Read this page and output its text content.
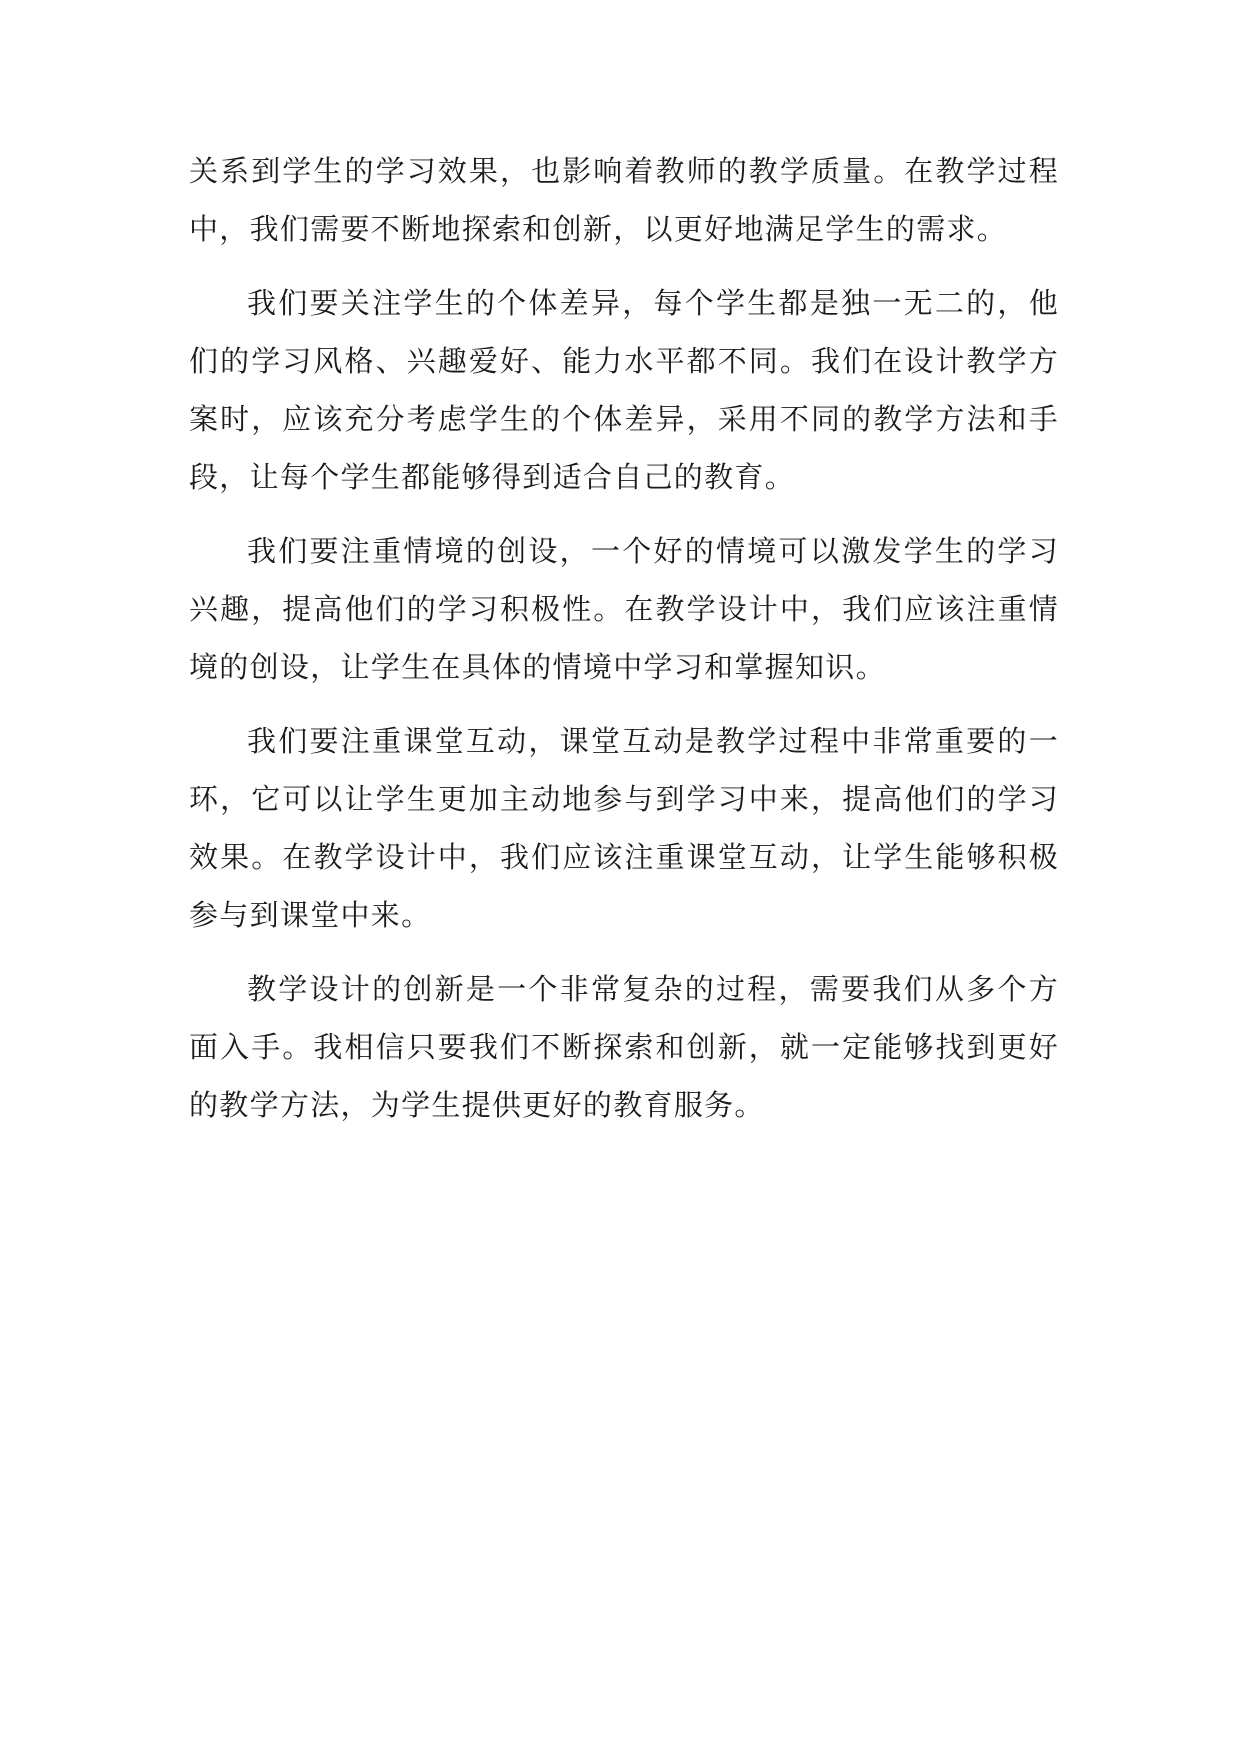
关系到学生的学习效果，也影响着教师的教学质量。在教学过程中，我们需要不断地探索和创新，以更好地满足学生的需求。

我们要关注学生的个体差异，每个学生都是独一无二的，他们的学习风格、兴趣爱好、能力水平都不同。我们在设计教学方案时，应该充分考虑学生的个体差异，采用不同的教学方法和手段，让每个学生都能够得到适合自己的教育。

我们要注重情境的创设，一个好的情境可以激发学生的学习兴趣，提高他们的学习积极性。在教学设计中，我们应该注重情境的创设，让学生在具体的情境中学习和掌握知识。

我们要注重课堂互动，课堂互动是教学过程中非常重要的一环，它可以让学生更加主动地参与到学习中来，提高他们的学习效果。在教学设计中，我们应该注重课堂互动，让学生能够积极参与到课堂中来。

教学设计的创新是一个非常复杂的过程，需要我们从多个方面入手。我相信只要我们不断探索和创新，就一定能够找到更好的教学方法，为学生提供更好的教育服务。
